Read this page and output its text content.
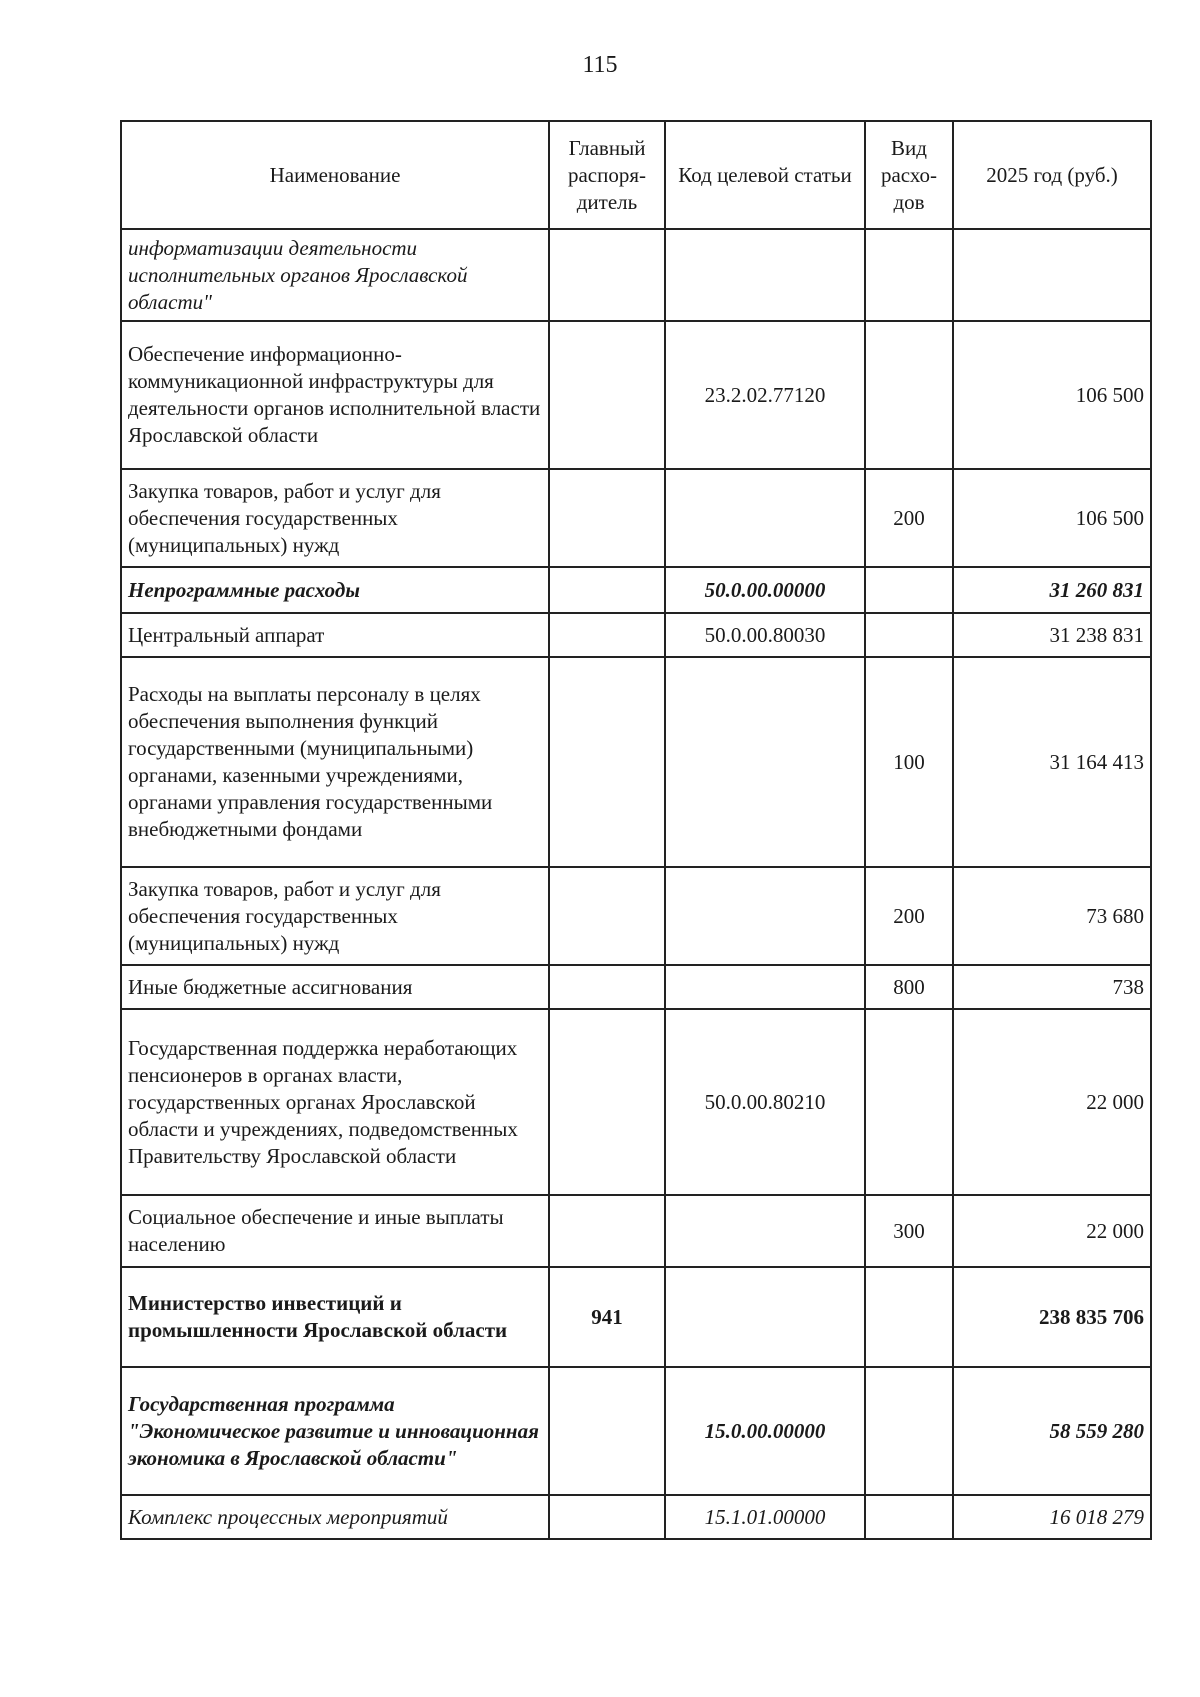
115
Наименование	Главный распоря-дитель	Код целевой статьи	Вид расхо-дов	2025 год (руб.)
информатизации деятельности исполнительных органов Ярославской области"				
Обеспечение информационно-коммуникационной инфраструктуры для деятельности органов исполнительной власти Ярославской области		23.2.02.77120		106 500
Закупка товаров, работ и услуг для обеспечения государственных (муниципальных) нужд			200	106 500
Непрограммные расходы		50.0.00.00000		31 260 831
Центральный аппарат		50.0.00.80030		31 238 831
Расходы на выплаты персоналу в целях обеспечения выполнения функций государственными (муниципальными) органами, казенными учреждениями, органами управления государственными внебюджетными фондами			100	31 164 413
Закупка товаров, работ и услуг для обеспечения государственных (муниципальных) нужд			200	73 680
Иные бюджетные ассигнования			800	738
Государственная поддержка неработающих пенсионеров в органах власти, государственных органах Ярославской области и учреждениях, подведомственных Правительству Ярославской области		50.0.00.80210		22 000
Социальное обеспечение и иные выплаты населению			300	22 000
Министерство инвестиций и промышленности Ярославской области	941			238 835 706
Государственная программа "Экономическое развитие и инновационная экономика в Ярославской области"		15.0.00.00000		58 559 280
Комплекс процессных мероприятий		15.1.01.00000		16 018 279
